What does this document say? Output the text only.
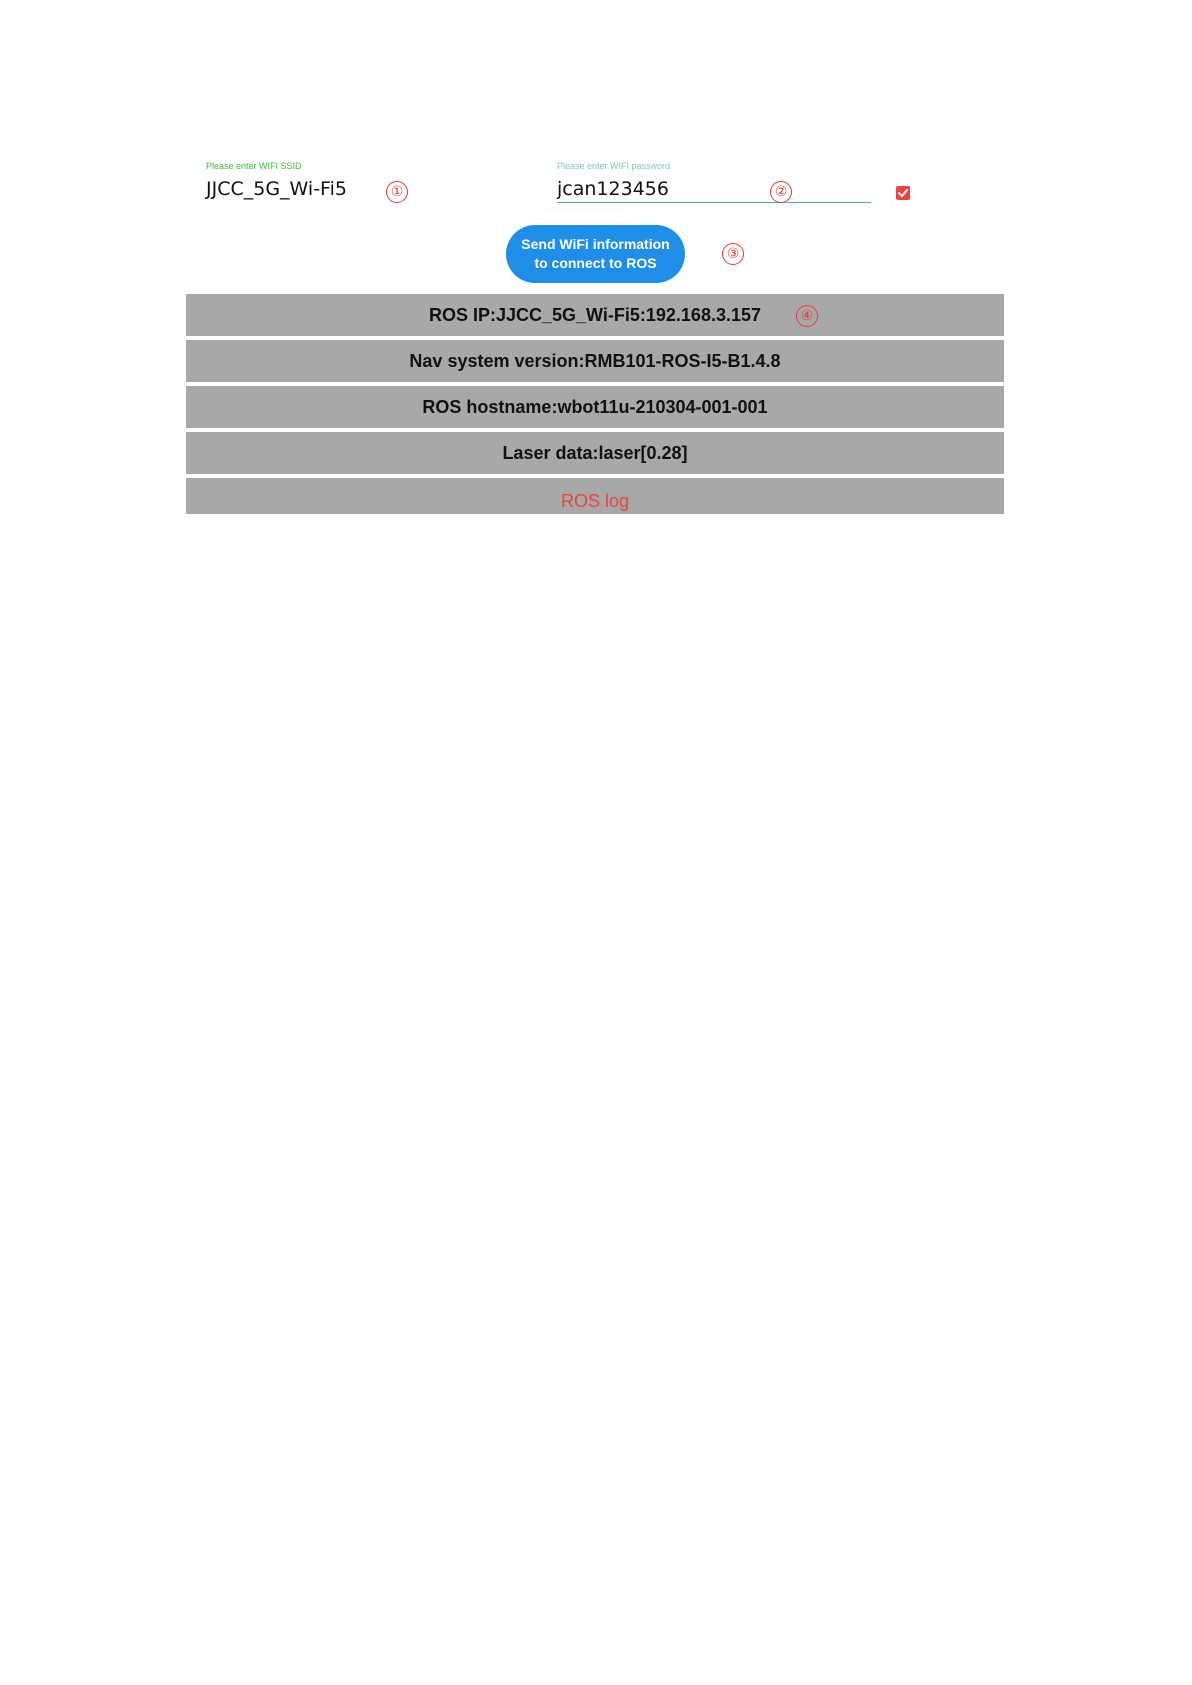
Please enter WIFI SSID
JJCC_5G_Wi-Fi5	①
Please enter WIFI password
jcan123456	②
Send WiFi information
to connect to ROS
③
ROS IP:JJCC_5G_Wi-Fi5:192.168.3.157
Nav system version:RMB101-ROS-I5-B1.4.8
ROS hostname:wbot11u-210304-001-001
Laser data:laser[0.28]
ROS log
④
